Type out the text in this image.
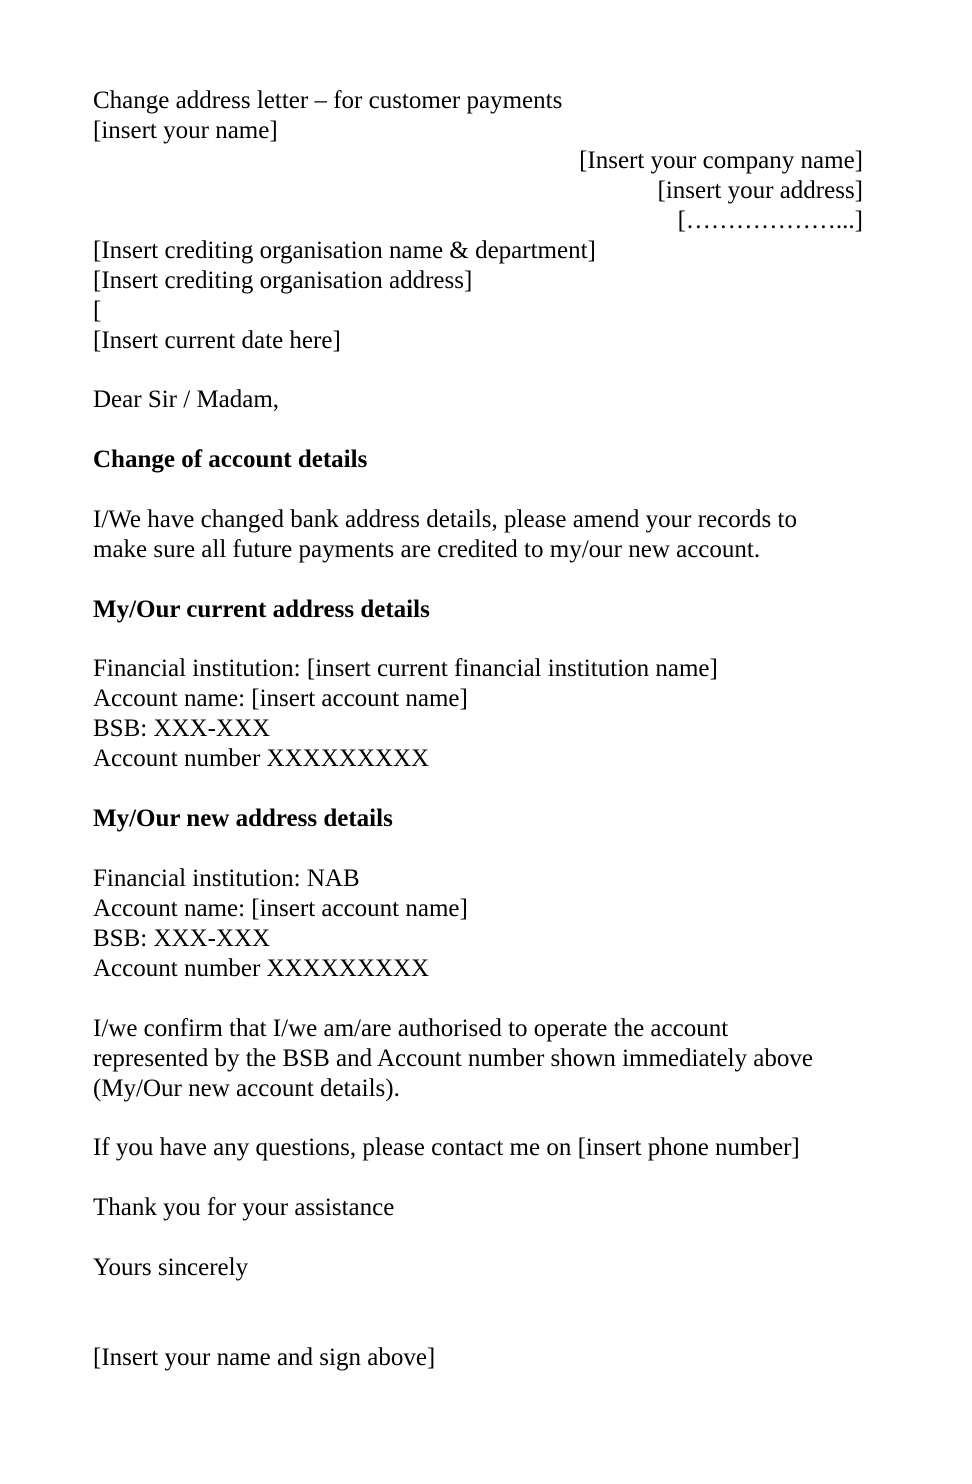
Change address letter – for customer payments
[insert your name]
[Insert your company name]
[insert your address]
[………………...]
[Insert crediting organisation name & department]
[Insert crediting organisation address]
[
[Insert current date here]
Dear Sir / Madam,
Change of account details
I/We have changed bank address details, please amend your records to
make sure all future payments are credited to my/our new account.
My/Our current address details
Financial institution: [insert current financial institution name]
Account name: [insert account name]
BSB: XXX-XXX
Account number XXXXXXXXX
My/Our new address details
Financial institution: NAB
Account name: [insert account name]
BSB: XXX-XXX
Account number XXXXXXXXX
I/we confirm that I/we am/are authorised to operate the account
represented by the BSB and Account number shown immediately above
(My/Our new account details).
If you have any questions, please contact me on [insert phone number]
Thank you for your assistance
Yours sincerely
[Insert your name and sign above]
